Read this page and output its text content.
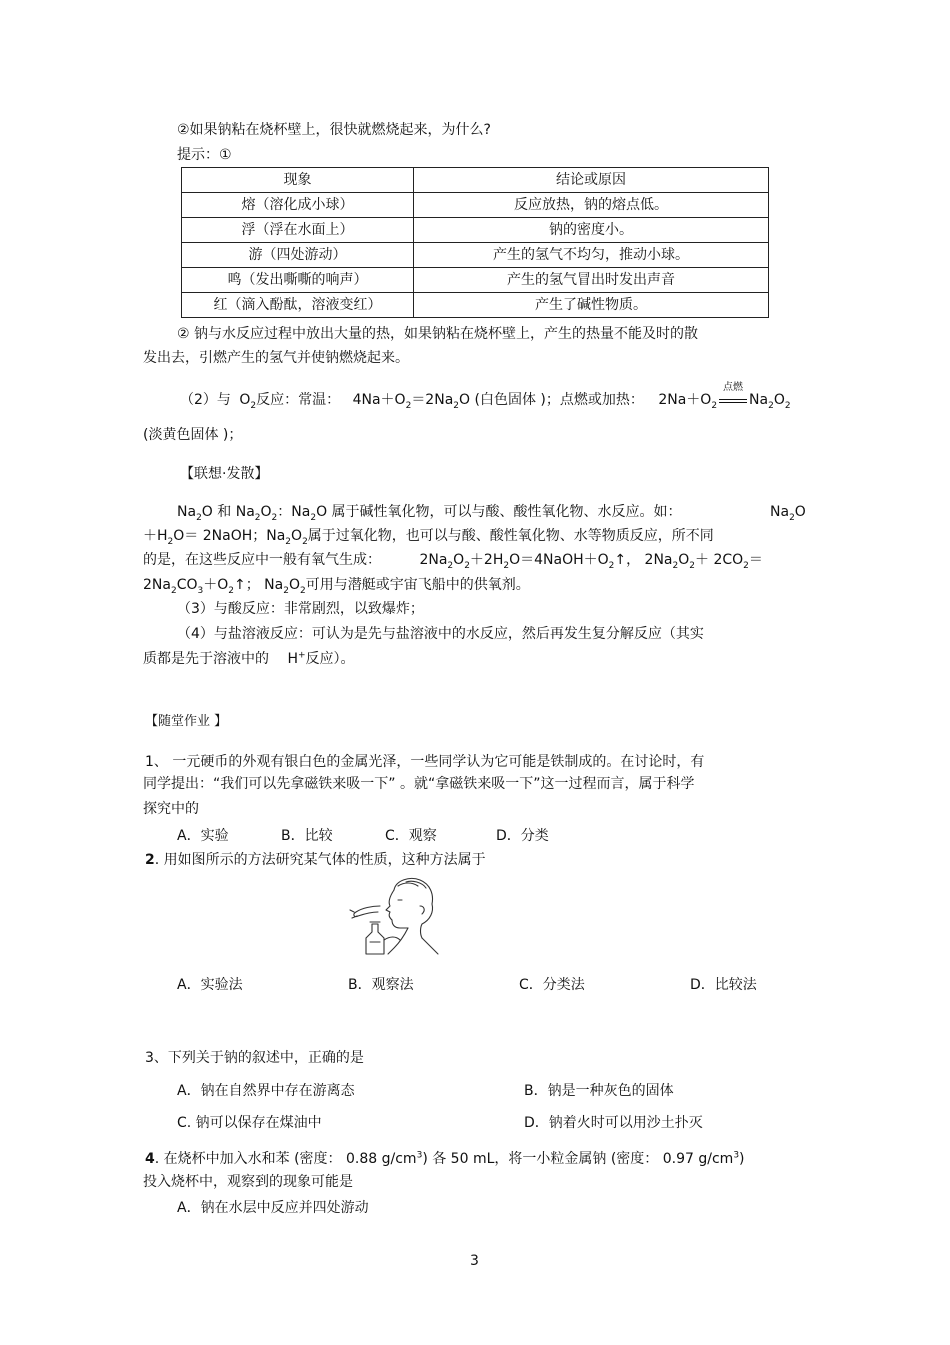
②如果钠粘在烧杯壁上，很快就燃烧起来，为什么?
提示：①
现象	结论或原因
熔（溶化成小球）	反应放热，钠的熔点低。
浮（浮在水面上）	钠的密度小。
游（四处游动）	产生的氢气不均匀，推动小球。
鸣（发出嘶嘶的响声）	产生的氢气冒出时发出声音
红（滴入酚酞，溶液变红）	产生了碱性物质。
② 钠与水反应过程中放出大量的热，如果钠粘在烧杯壁上，产生的热量不能及时的散
发出去，引燃产生的氢气并使钠燃烧起来。
（2）与 $O_2$反应：常温： $4Na+O_2=2Na_2O$ (白色固体 )；点燃或加热： $2Na+O_2$
点燃
$Na_2O_2$
(淡黄色固体 )；
【联想·发散】
$Na_2O$ 和 $Na_2O_2$：$Na_2O$ 属于碱性氧化物，可以与酸、酸性氧化物、水反应。如：	$Na_2O$
$+H_2O=$ 2NaOH；$Na_2O_2$属于过氧化物，也可以与酸、酸性氧化物、水等物质反应，所不同
的是，在这些反应中一般有氧气生成：	$2Na_2O_2+2H_2O=4NaOH+O_2↑$， $2Na_2O_2+ 2CO_2=$
$2Na_2CO_3+O_2↑$； $Na_2O_2$可用与潜艇或宇宙飞船中的供氧剂。
（3）与酸反应：非常剧烈，以致爆炸；
（4）与盐溶液反应：可认为是先与盐溶液中的水反应，然后再发生复分解反应（其实
质都是先于溶液中的 H+反应）。
【随堂作业 】
1、 一元硬币的外观有银白色的金属光泽，一些同学认为它可能是铁制成的。在讨论时，有
同学提出：“我们可以先拿磁铁来吸一下” 。就“拿磁铁来吸一下”这一过程而言，属于科学
探究中的
A．实验	B．比较	C．观察	D．分类
2. 用如图所示的方法研究某气体的性质，这种方法属于
A．实验法	B．观察法	C．分类法	D．比较法
3、下列关于钠的叙述中，正确的是
A．钠在自然界中存在游离态	B．钠是一种灰色的固体
C. 钠可以保存在煤油中	D．钠着火时可以用沙土扑灭
4. 在烧杯中加入水和苯 (密度： 0.88 $g/cm^3$) 各 50 mL，将一小粒金属钠 (密度： 0.97 $g/cm^3$)
投入烧杯中，观察到的现象可能是
A．钠在水层中反应并四处游动
3
